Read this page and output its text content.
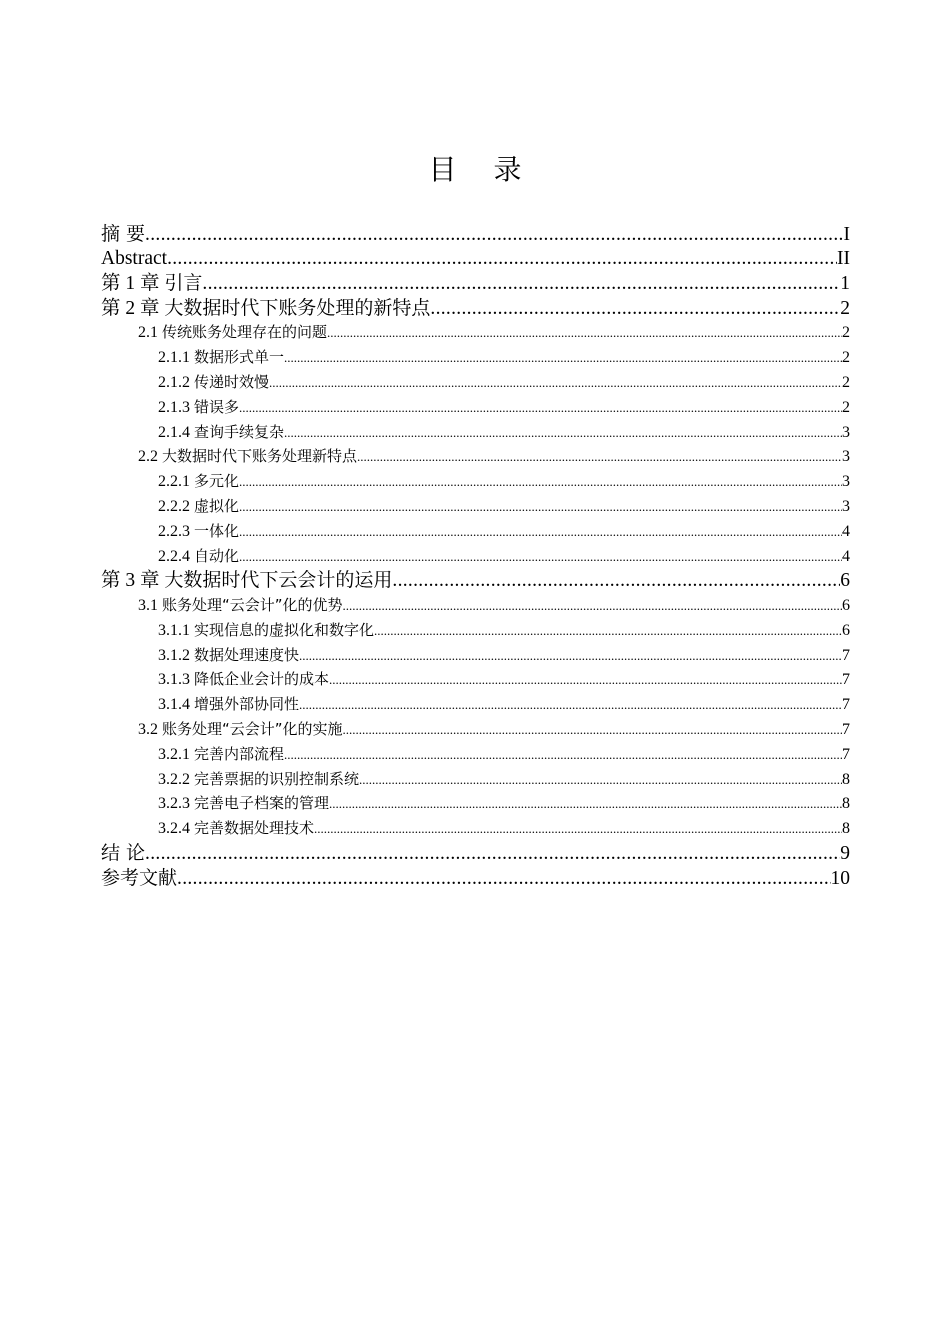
目 录
摘 要 .....	I
Abstract .....	II
第 1 章 引言 .....	1
第 2 章 大数据时代下账务处理的新特点 .....	2
2.1 传统账务处理存在的问题 .....	2
2.1.1 数据形式单一 .....	2
2.1.2 传递时效慢 .....	2
2.1.3 错误多 .....	2
2.1.4 查询手续复杂 .....	3
2.2 大数据时代下账务处理新特点 .....	3
2.2.1 多元化 .....	3
2.2.2 虚拟化 .....	3
2.2.3 一体化 .....	4
2.2.4 自动化 .....	4
第 3 章 大数据时代下云会计的运用 .....	6
3.1 账务处理“云会计”化的优势 .....	6
3.1.1 实现信息的虚拟化和数字化 .....	6
3.1.2 数据处理速度快 .....	7
3.1.3 降低企业会计的成本 .....	7
3.1.4 增强外部协同性 .....	7
3.2 账务处理“云会计”化的实施 .....	7
3.2.1 完善内部流程 .....	7
3.2.2 完善票据的识别控制系统 .....	8
3.2.3 完善电子档案的管理 .....	8
3.2.4 完善数据处理技术 .....	8
结 论 .....	9
参考文献 .....	10
